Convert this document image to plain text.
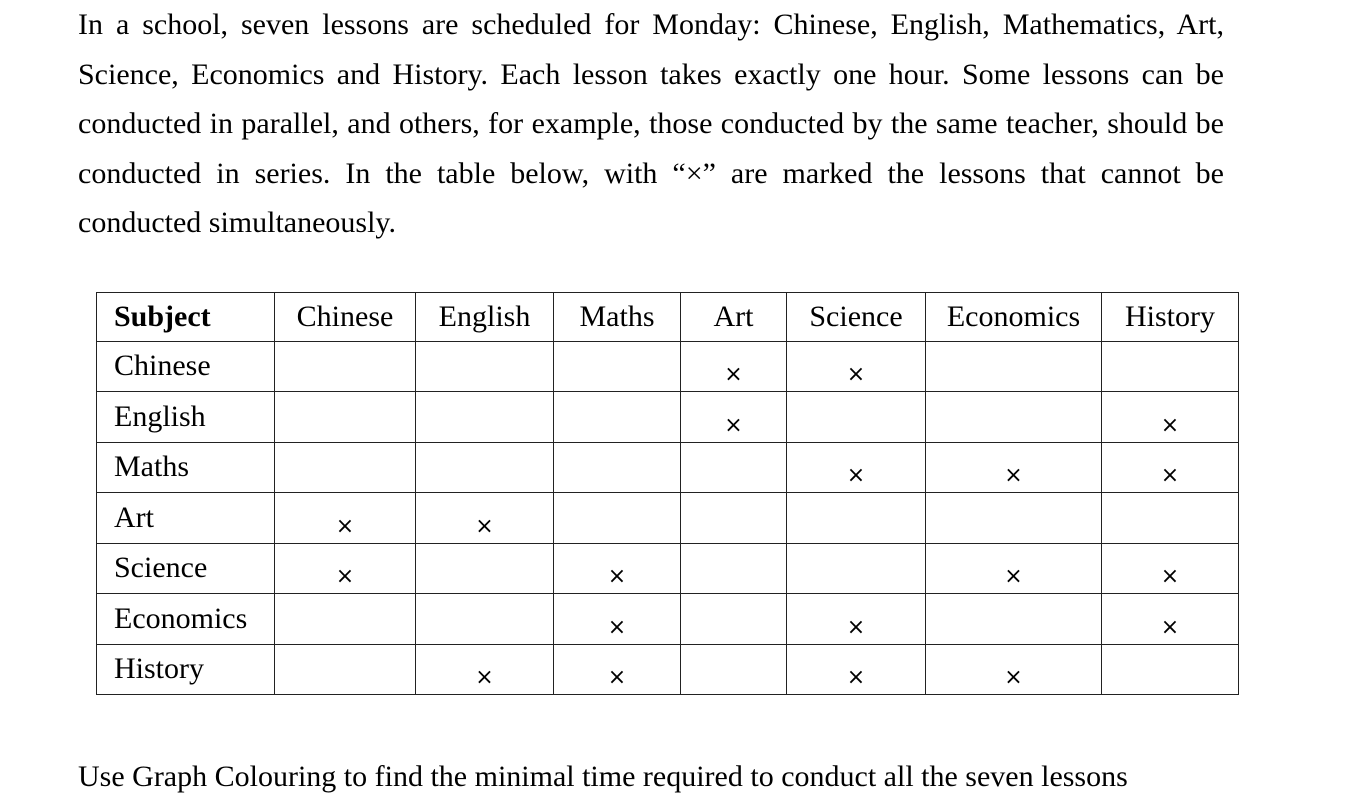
In a school, seven lessons are scheduled for Monday: Chinese, English, Mathematics, Art, Science, Economics and History. Each lesson takes exactly one hour. Some lessons can be conducted in parallel, and others, for example, those conducted by the same teacher, should be conducted in series. In the table below, with “×” are marked the lessons that cannot be conducted simultaneously.

Subject	Chinese	English	Maths	Art	Science	Economics	History
Chinese				×	×		
English				×			×
Maths					×	×	×
Art	×	×					
Science	×		×			×	×
Economics			×		×		×
History		×	×		×	×	

Use Graph Colouring to find the minimal time required to conduct all the seven lessons
